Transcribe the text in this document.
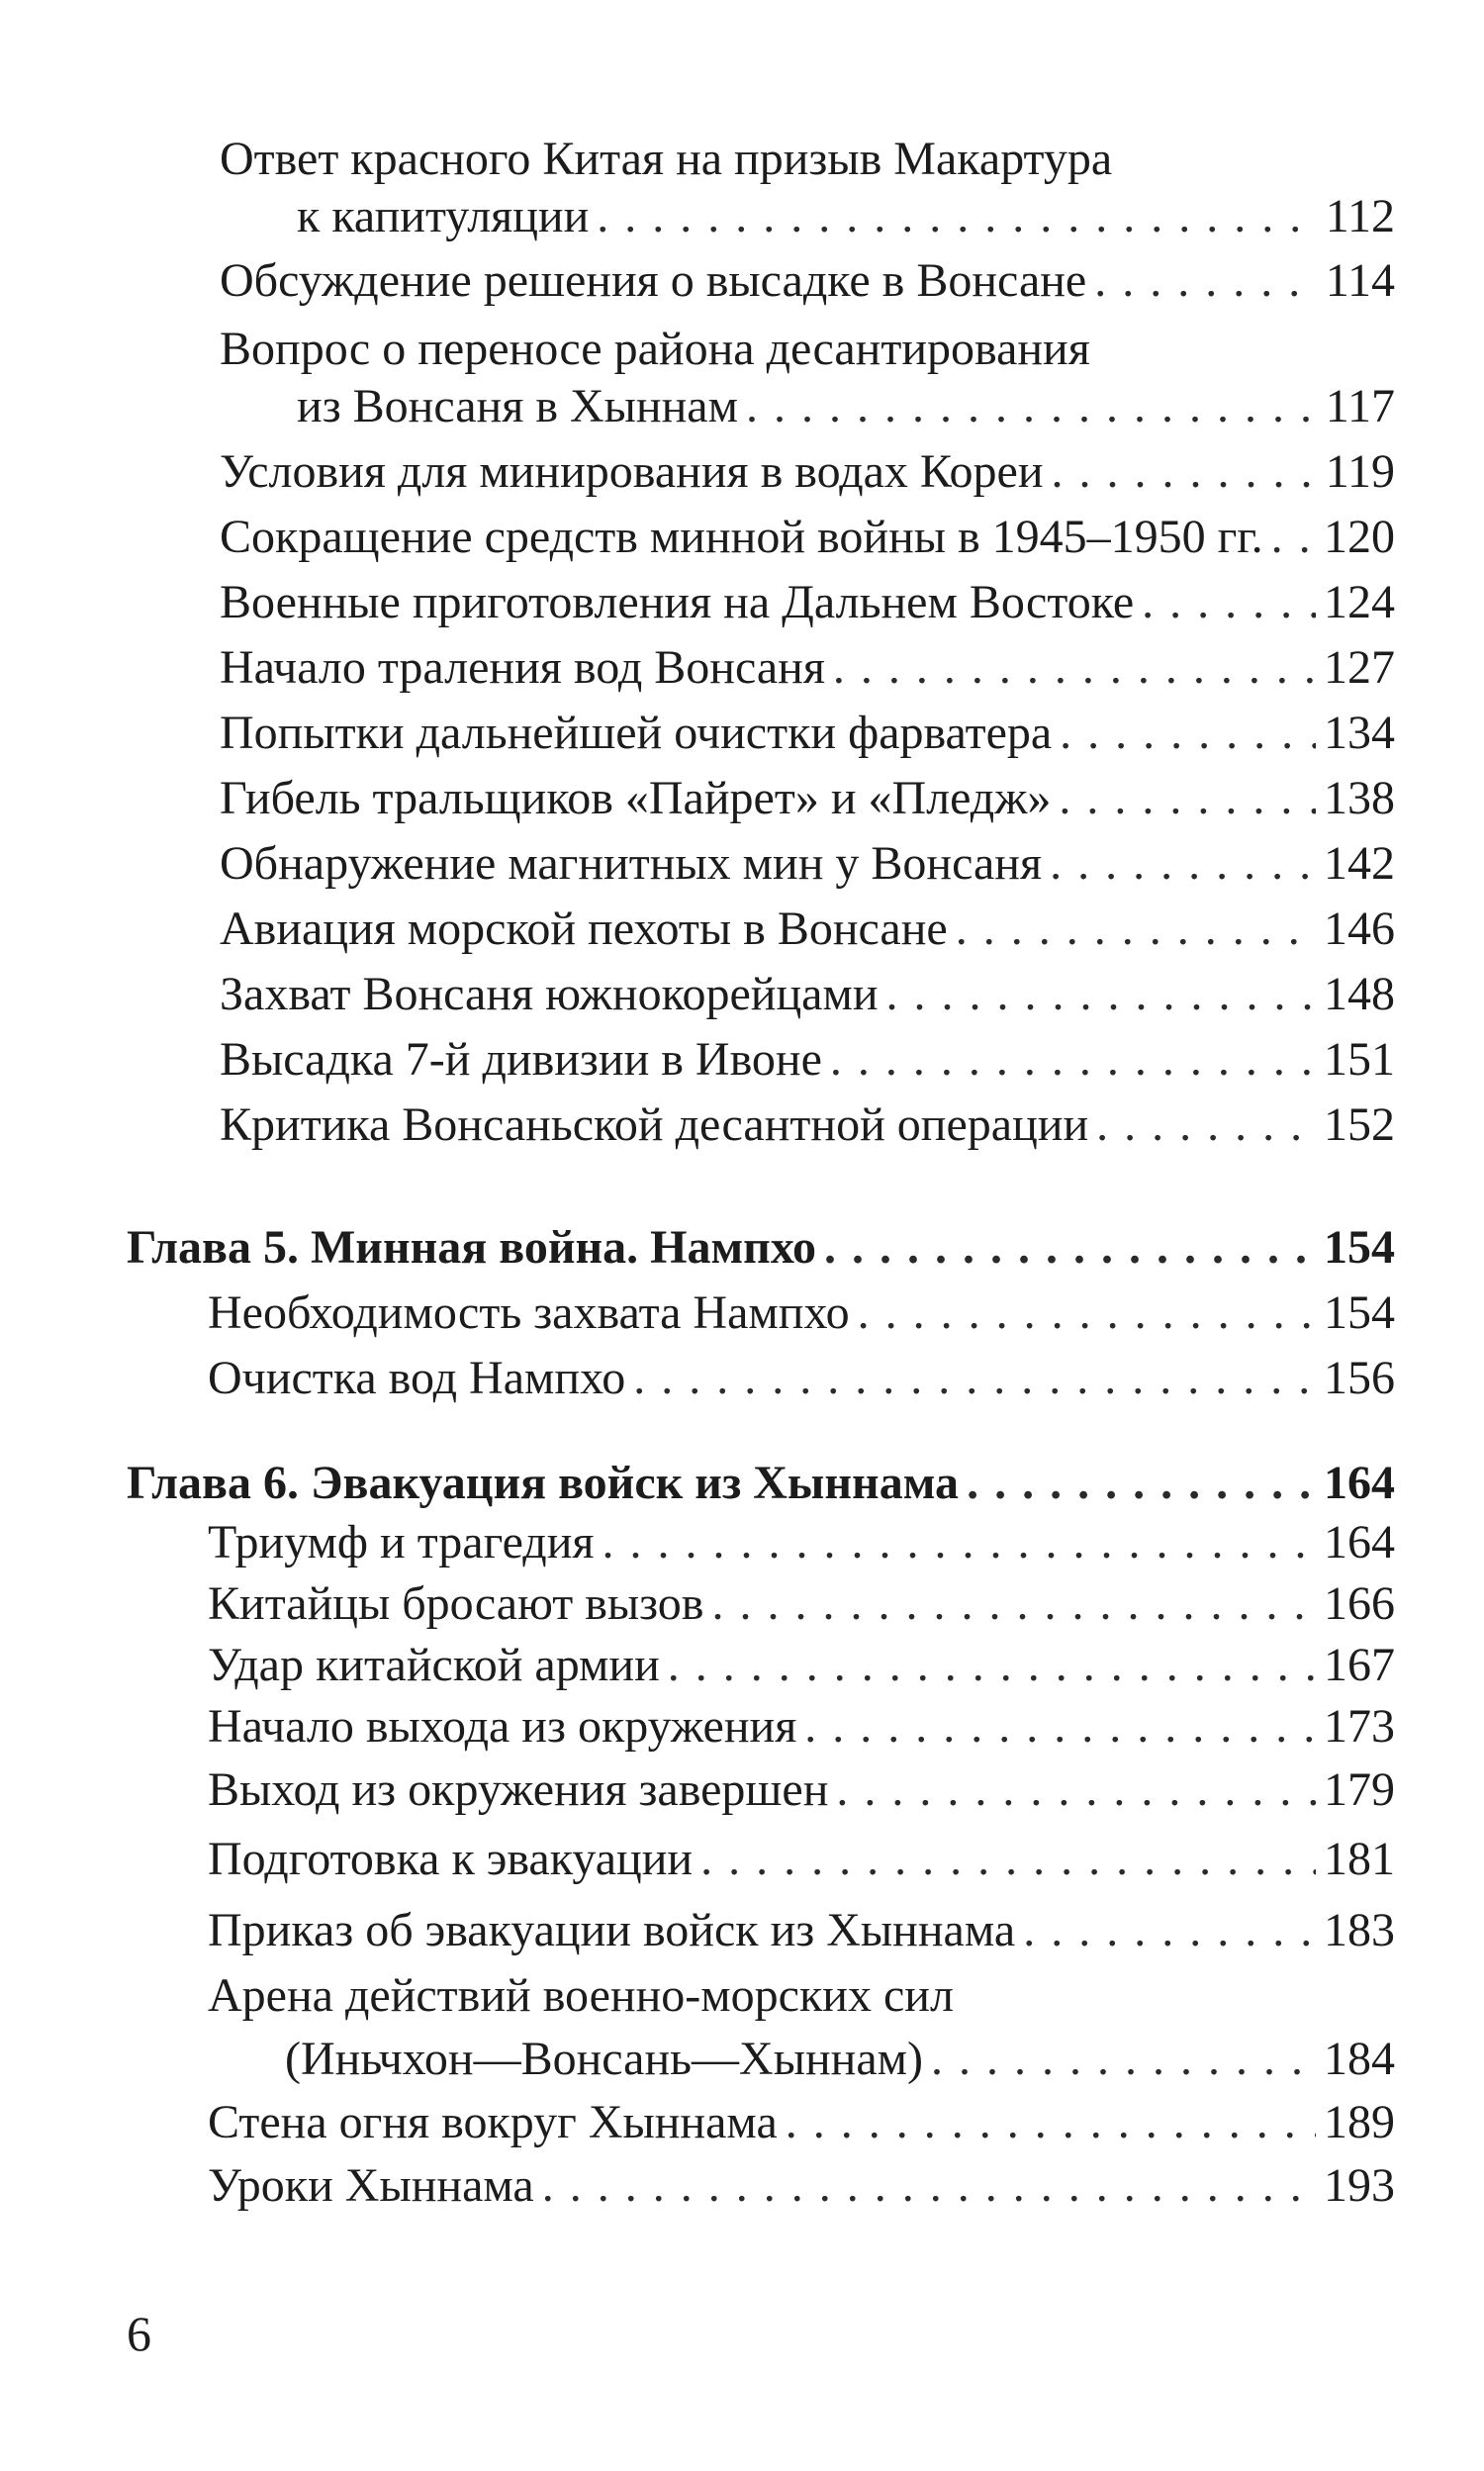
Ответ красного Китая на призыв Макартура
к капитуляции . . .	112
Обсуждение решения о высадке в Вонсане . . .	114
Вопрос о переносе района десантирования
из Вонсаня в Хыннам . . .	117
Условия для минирования в водах Кореи . . .	119
Сокращение средств минной войны в 1945–1950 гг. . . . 120
Военные приготовления на Дальнем Востоке . . .	124
Начало траления вод Вонсаня . . .	127
Попытки дальнейшей очистки фарватера . . .	134
Гибель тральщиков «Пайрет» и «Пледж» . . .	138
Обнаружение магнитных мин у Вонсаня . . .	142
Авиация морской пехоты в Вонсане . . .	146
Захват Вонсаня южнокорейцами . . .	148
Высадка 7-й дивизии в Ивоне . . .	151
Критика Вонсаньской десантной операции . . .	152
Глава 5. Минная война. Нампхо . . .	154
Необходимость захвата Нампхо . . .	154
Очистка вод Нампхо . . .	156
Глава 6. Эвакуация войск из Хыннама . . .	164
Триумф и трагедия . . .	164
Китайцы бросают вызов . . .	166
Удар китайской армии . . .	167
Начало выхода из окружения . . .	173
Выход из окружения завершен . . .	179
Подготовка к эвакуации . . .	181
Приказ об эвакуации войск из Хыннама . . .	183
Арена действий военно-морских сил
(Иньчхон—Вонсань—Хыннам) . . .	184
Стена огня вокруг Хыннама . . .	189
Уроки Хыннама . . .	193
6
